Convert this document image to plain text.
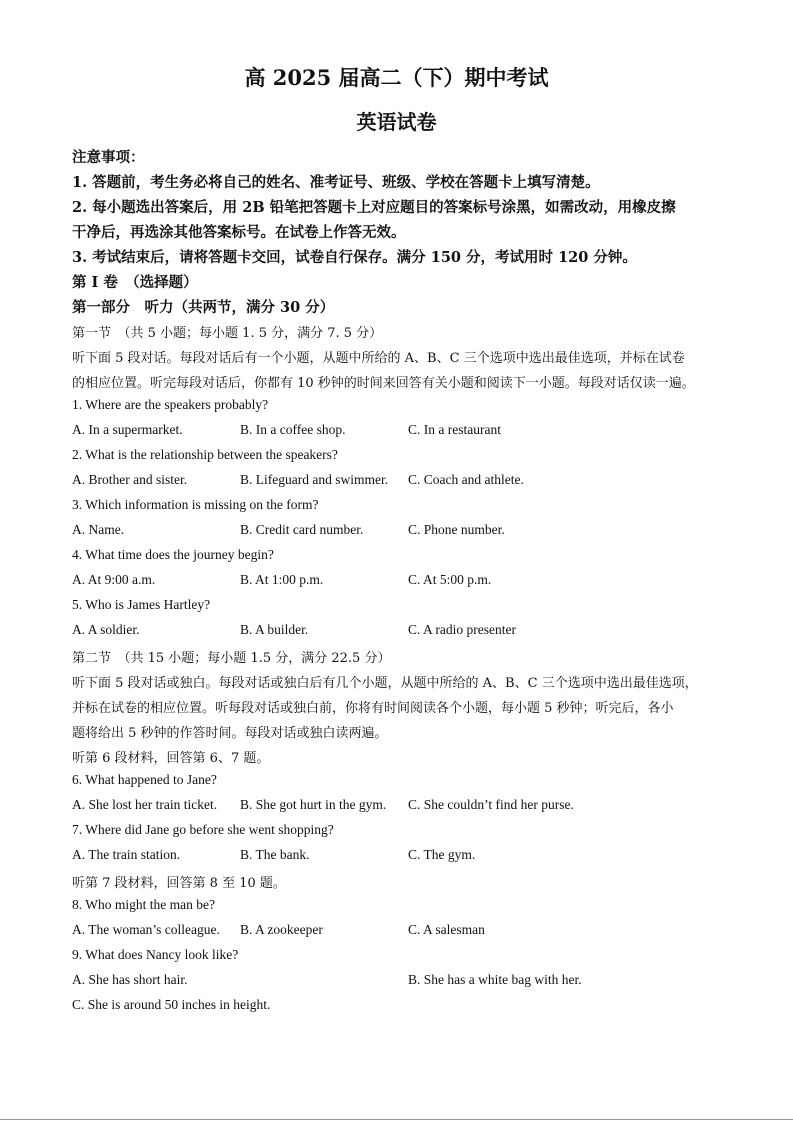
高 2025 届高二（下）期中考试
英语试卷
注意事项：
1. 答题前，考生务必将自己的姓名、准考证号、班级、学校在答题卡上填写清楚。
2. 每小题选出答案后，用 2B 铅笔把答题卡上对应题目的答案标号涂黑，如需改动，用橡皮擦
干净后，再选涂其他答案标号。在试卷上作答无效。
3. 考试结束后，请将答题卡交回，试卷自行保存。满分 150 分，考试用时 120 分钟。
第 I 卷　（选择题）
第一部分　听力（共两节，满分 30 分）
第一节　（共 5 小题；每小题 1. 5 分，满分 7. 5 分）
听下面 5 段对话。每段对话后有一个小题，从题中所给的 A、B、C 三个选项中选出最佳选项，并标在试卷
的相应位置。听完每段对话后，你都有 10 秒钟的时间来回答有关小题和阅读下一小题。每段对话仅读一遍。
1. Where are the speakers probably?
A. In a supermarket.	B. In a coffee shop.	C. In a restaurant
2. What is the relationship between the speakers?
A. Brother and sister.	B. Lifeguard and swimmer. C. Coach and athlete.
3. Which information is missing on the form?
A. Name.	B. Credit card number.	C. Phone number.
4. What time does the journey begin?
A. At 9:00 a.m.	B. At 1:00 p.m.	C. At 5:00 p.m.
5. Who is James Hartley?
A. A soldier.	B. A builder.	C. A radio presenter
第二节　（共 15 小题；每小题 1.5 分，满分 22.5 分）
听下面 5 段对话或独白。每段对话或独白后有几个小题，从题中所给的 A、B、C 三个选项中选出最佳选项，
并标在试卷的相应位置。听每段对话或独白前，你将有时间阅读各个小题，每小题 5 秒钟；听完后，各小
题将给出 5 秒钟的作答时间。每段对话或独白读两遍。
听第 6 段材料，回答第 6、7 题。
6. What happened to Jane?
A. She lost her train ticket. B. She got hurt in the gym. C. She couldn’t find her purse.
7. Where did Jane go before she went shopping?
A. The train station.	B. The bank.	C. The gym.
听第 7 段材料，回答第 8 至 10 题。
8. Who might the man be?
A. The woman’s colleague. B. A zookeeper	C. A salesman
9. What does Nancy look like?
A. She has short hair.	B. She has a white bag with her.
C. She is around 50 inches in height.
